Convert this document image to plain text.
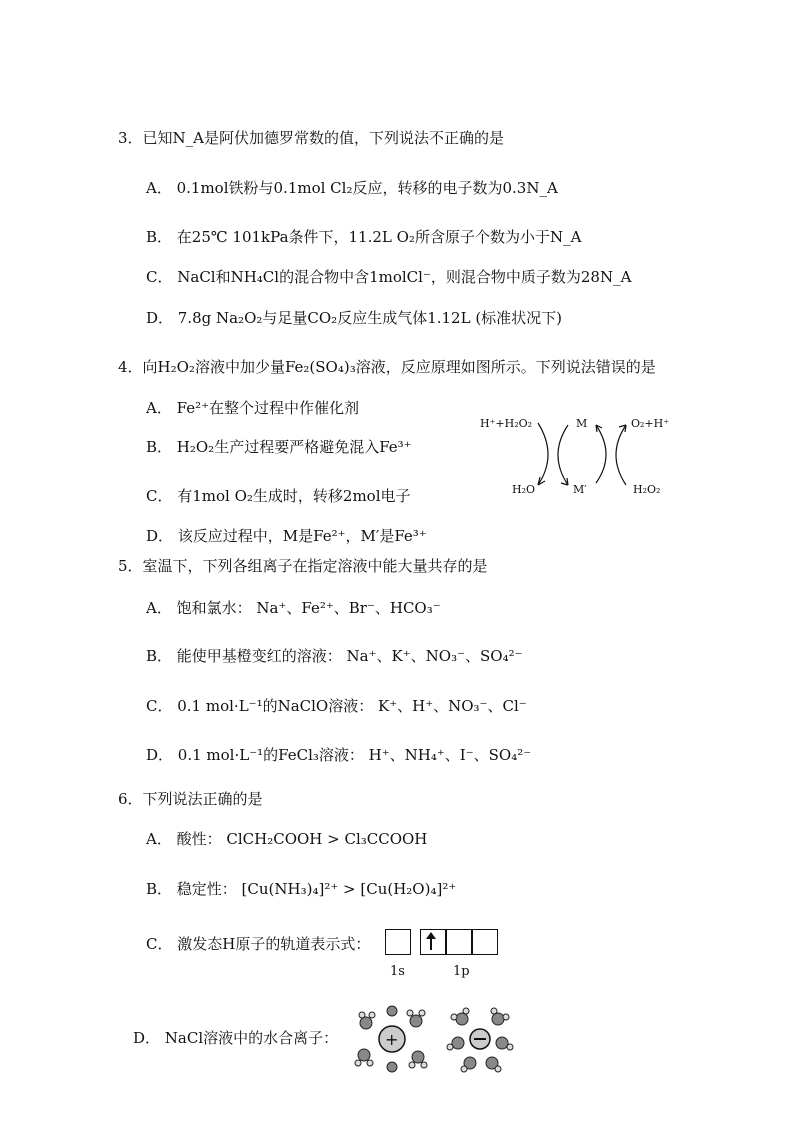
3．已知N_A是阿伏加德罗常数的值，下列说法不正确的是
A． 0.1mol铁粉与0.1mol Cl₂反应，转移的电子数为0.3N_A
B． 在25℃ 101kPa条件下，11.2L O₂所含原子个数为小于N_A
C． NaCl和NH₄Cl的混合物中含1molCl⁻，则混合物中质子数为28N_A
D． 7.8g Na₂O₂与足量CO₂反应生成气体1.12L (标准状况下)
4．向H₂O₂溶液中加少量Fe₂(SO₄)₃溶液，反应原理如图所示。下列说法错误的是
A． Fe²⁺在整个过程中作催化剂
B． H₂O₂生产过程要严格避免混入Fe³⁺
C． 有1mol O₂生成时，转移2mol电子
D． 该反应过程中，M是Fe²⁺，M′是Fe³⁺
H⁺+H₂O₂	M	O₂+H⁺
H₂O	M′	H₂O₂
5．室温下，下列各组离子在指定溶液中能大量共存的是
A． 饱和氯水： Na⁺、Fe²⁺、Br⁻、HCO₃⁻
B． 能使甲基橙变红的溶液： Na⁺、K⁺、NO₃⁻、SO₄²⁻
C． 0.1 mol·L⁻¹的NaClO溶液： K⁺、H⁺、NO₃⁻、Cl⁻
D． 0.1 mol·L⁻¹的FeCl₃溶液： H⁺、NH₄⁺、I⁻、SO₄²⁻
6．下列说法正确的是
A． 酸性： ClCH₂COOH > Cl₃CCOOH
B． 稳定性： [Cu(NH₃)₄]²⁺ > [Cu(H₂O)₄]²⁺
C． 激发态H原子的轨道表示式：
1s	1p
D． NaCl溶液中的水合离子：	+
